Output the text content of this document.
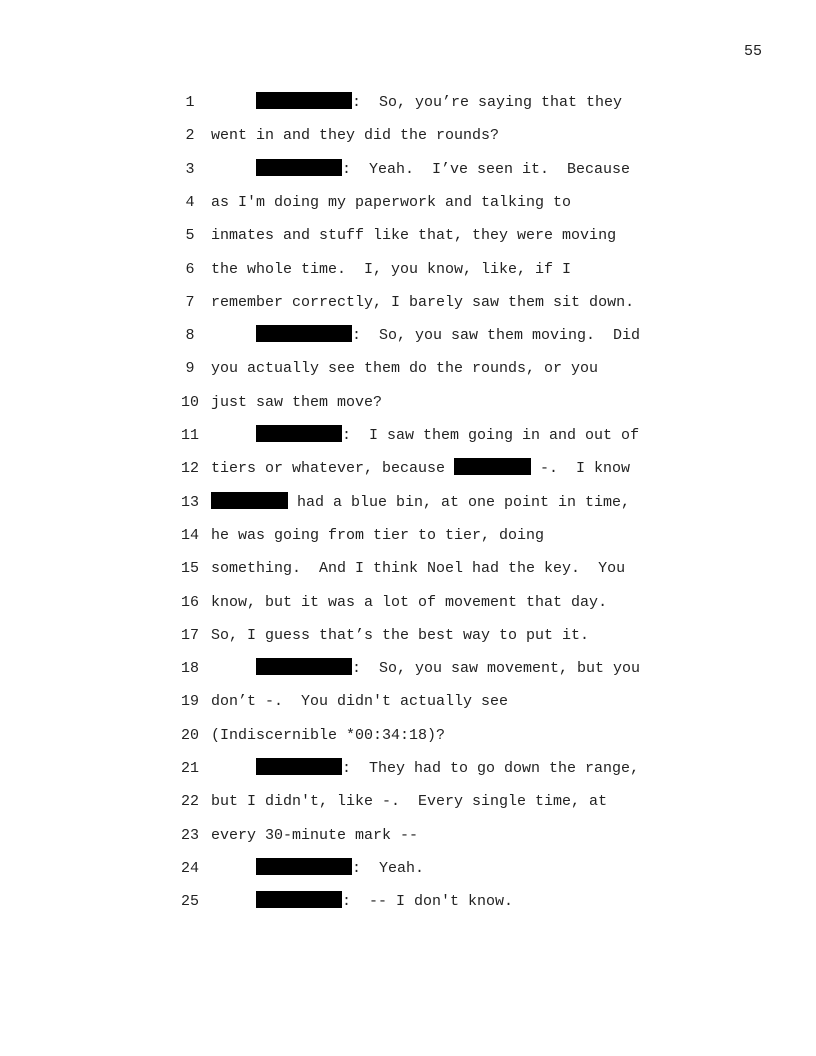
55
1	:  So, you’re saying that they
2	went in and they did the rounds?
3	:  Yeah.  I’ve seen it.  Because
4	as I'm doing my paperwork and talking to
5	inmates and stuff like that, they were moving
6	the whole time.  I, you know, like, if I
7	remember correctly, I barely saw them sit down.
8	:  So, you saw them moving.  Did
9	you actually see them do the rounds, or you
10 just saw them move?
11	:  I saw them going in and out of
12 tiers or whatever, because	-.  I know
13	had a blue bin, at one point in time,
14 he was going from tier to tier, doing
15 something.  And I think Noel had the key.  You
16 know, but it was a lot of movement that day.
17 So, I guess that’s the best way to put it.
18	:  So, you saw movement, but you
19 don’t -.  You didn't actually see
20 (Indiscernible *00:34:18)?
21	:  They had to go down the range,
22 but I didn't, like -.  Every single time, at
23 every 30-minute mark --
24	:  Yeah.
25	:  -- I don't know.
